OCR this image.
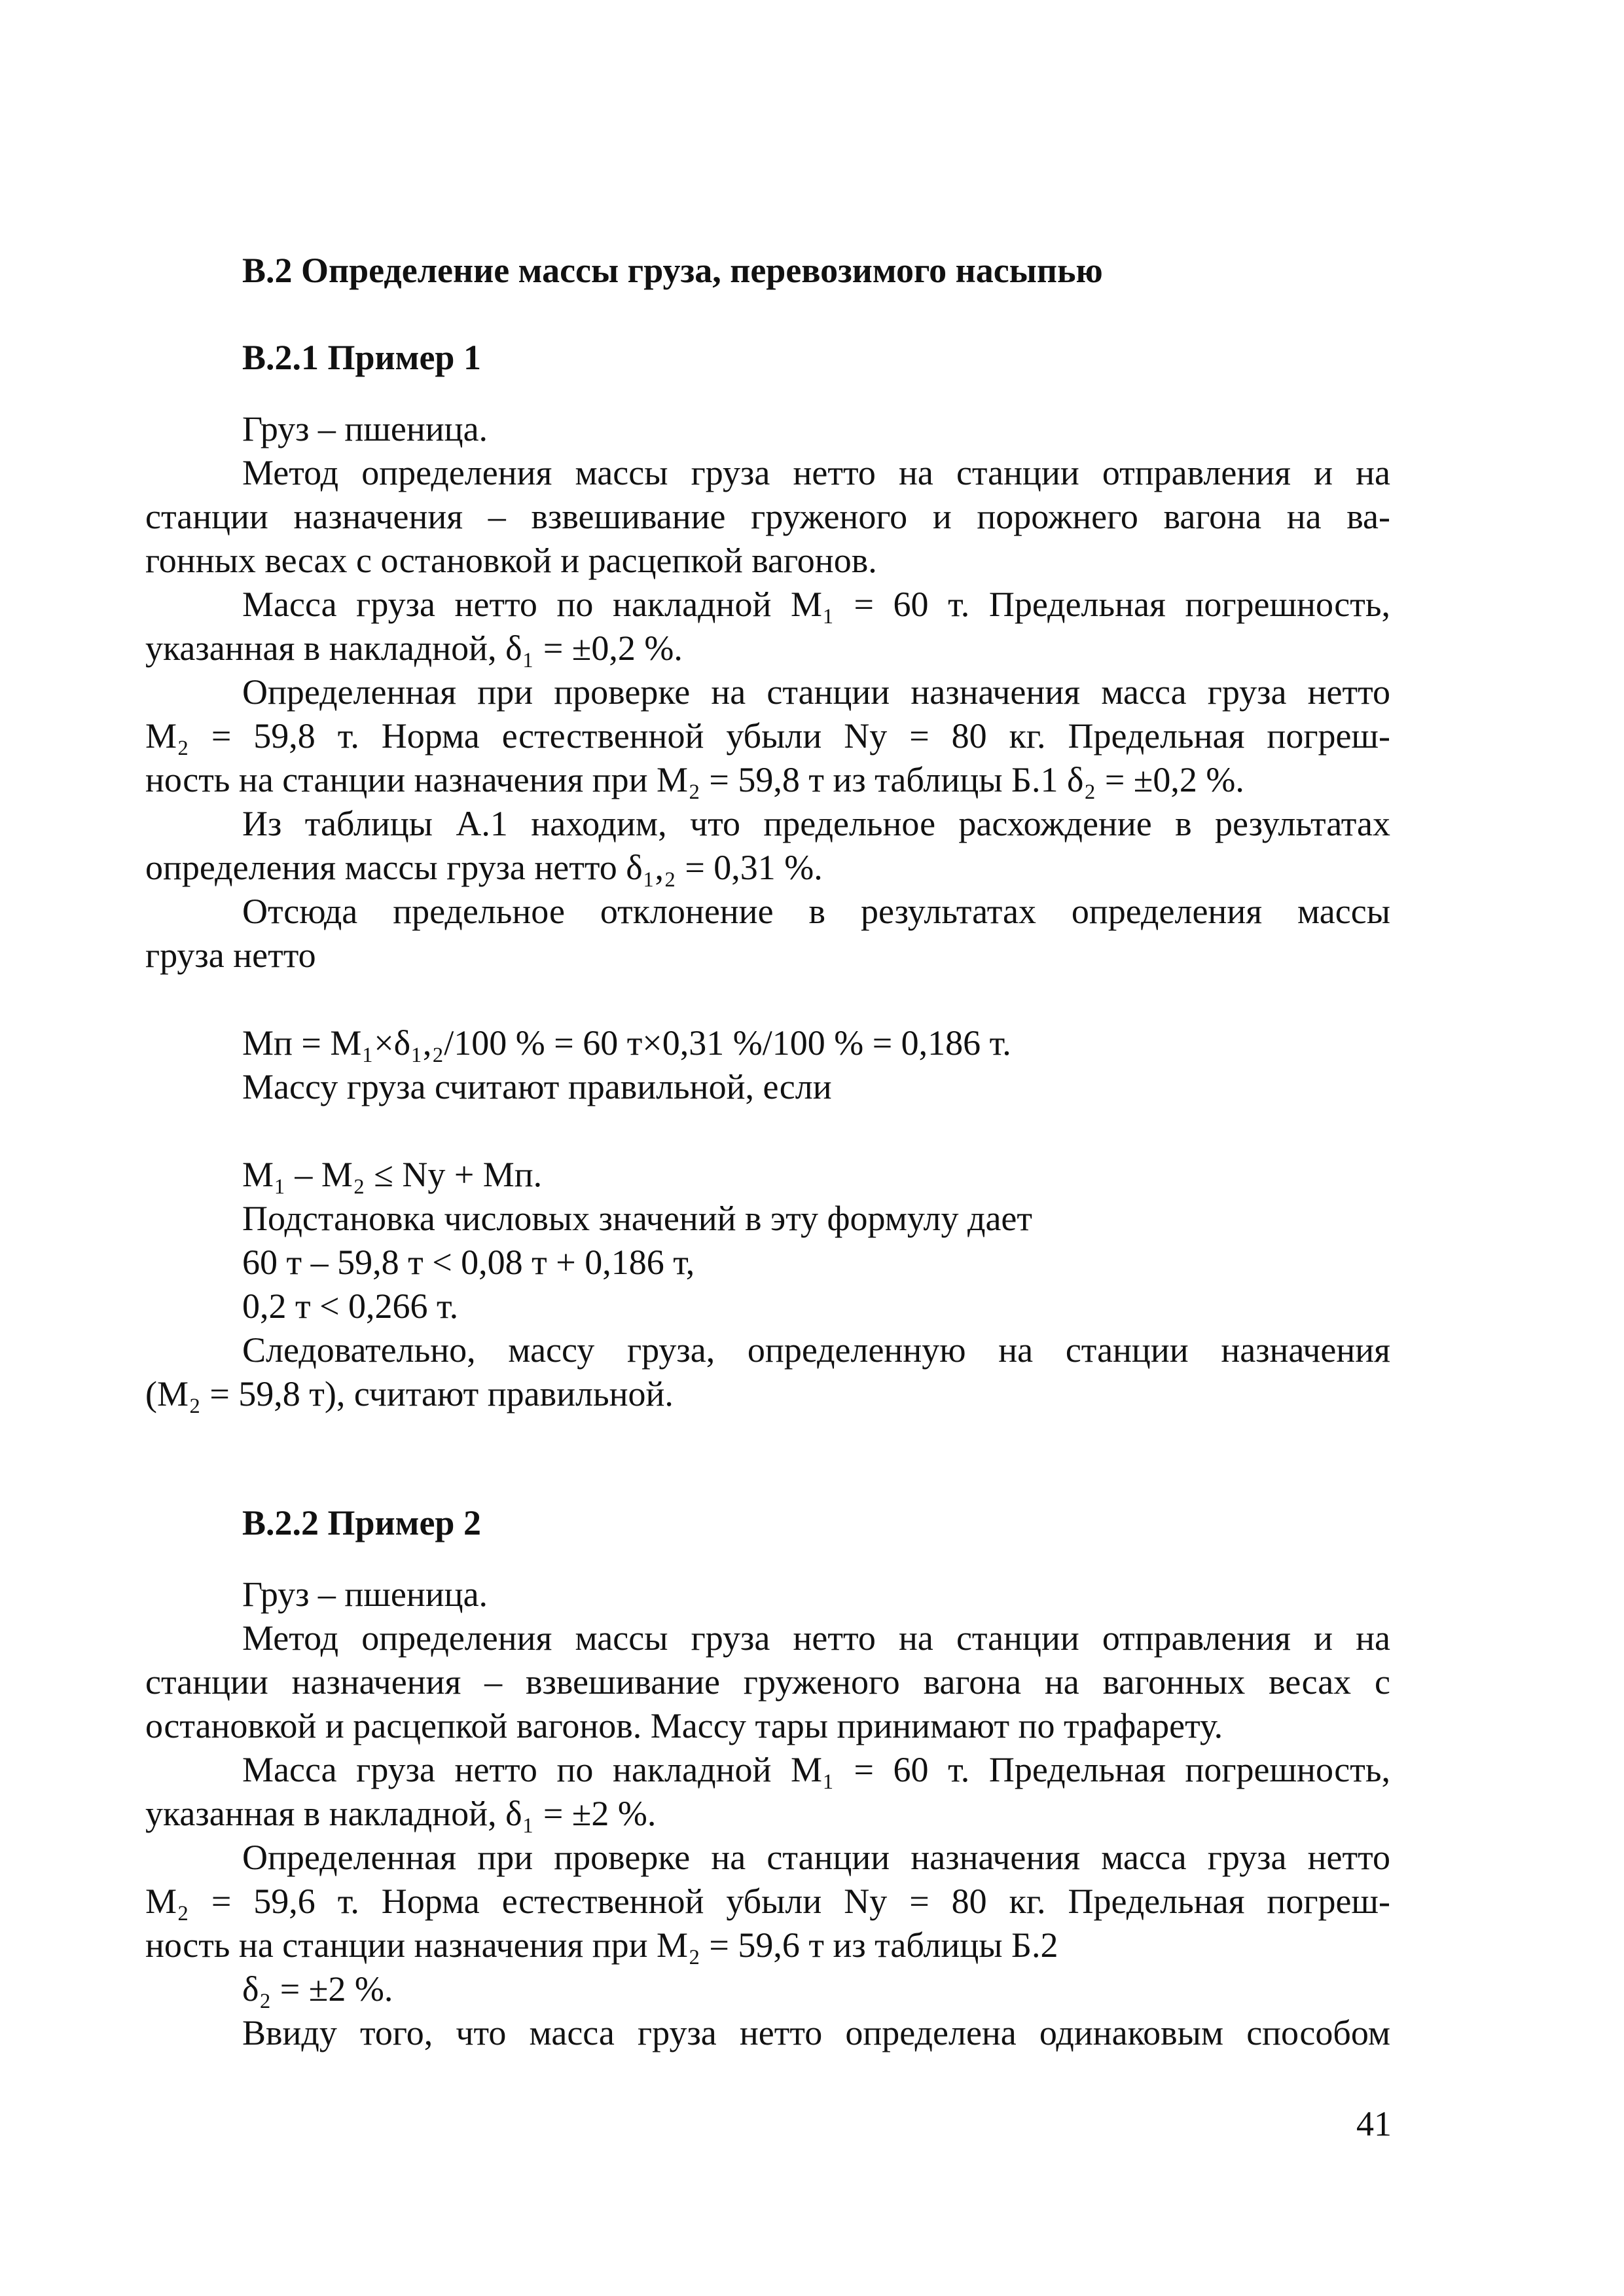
В.2 Определение массы груза, перевозимого насыпью
В.2.1 Пример 1
Груз – пшеница.
Метод определения массы груза нетто на станции отправления и на
станции назначения – взвешивание груженого и порожнего вагона на ва-
гонных весах с остановкой и расцепкой вагонов.
Масса груза нетто по накладной М₁ = 60 т. Предельная погрешность,
указанная в накладной, δ₁ = ±0,2 %.
Определенная при проверке на станции назначения масса груза нетто
М₂ = 59,8 т. Норма естественной убыли Nу = 80 кг. Предельная погреш-
ность на станции назначения при М₂ = 59,8 т из таблицы Б.1 δ₂ = ±0,2 %.
Из таблицы А.1 находим, что предельное расхождение в результатах
определения массы груза нетто δ₁,₂ = 0,31 %.
Отсюда предельное отклонение в результатах определения массы
груза нетто
Мп = М₁×δ₁,₂/100 % = 60 т×0,31 %/100 % = 0,186 т.
Массу груза считают правильной, если
М₁ – М₂ ≤ Nу + Мп.
Подстановка числовых значений в эту формулу дает
60 т – 59,8 т < 0,08 т + 0,186 т,
0,2 т < 0,266 т.
Следовательно, массу груза, определенную на станции назначения
(М₂ = 59,8 т), считают правильной.
В.2.2 Пример 2
Груз – пшеница.
Метод определения массы груза нетто на станции отправления и на
станции назначения – взвешивание груженого вагона на вагонных весах с
остановкой и расцепкой вагонов. Массу тары принимают по трафарету.
Масса груза нетто по накладной М₁ = 60 т. Предельная погрешность,
указанная в накладной, δ₁ = ±2 %.
Определенная при проверке на станции назначения масса груза нетто
М₂ = 59,6 т. Норма естественной убыли Nу = 80 кг. Предельная погреш-
ность на станции назначения при М₂ = 59,6 т из таблицы Б.2
δ₂ = ±2 %.
Ввиду того, что масса груза нетто определена одинаковым способом
41
